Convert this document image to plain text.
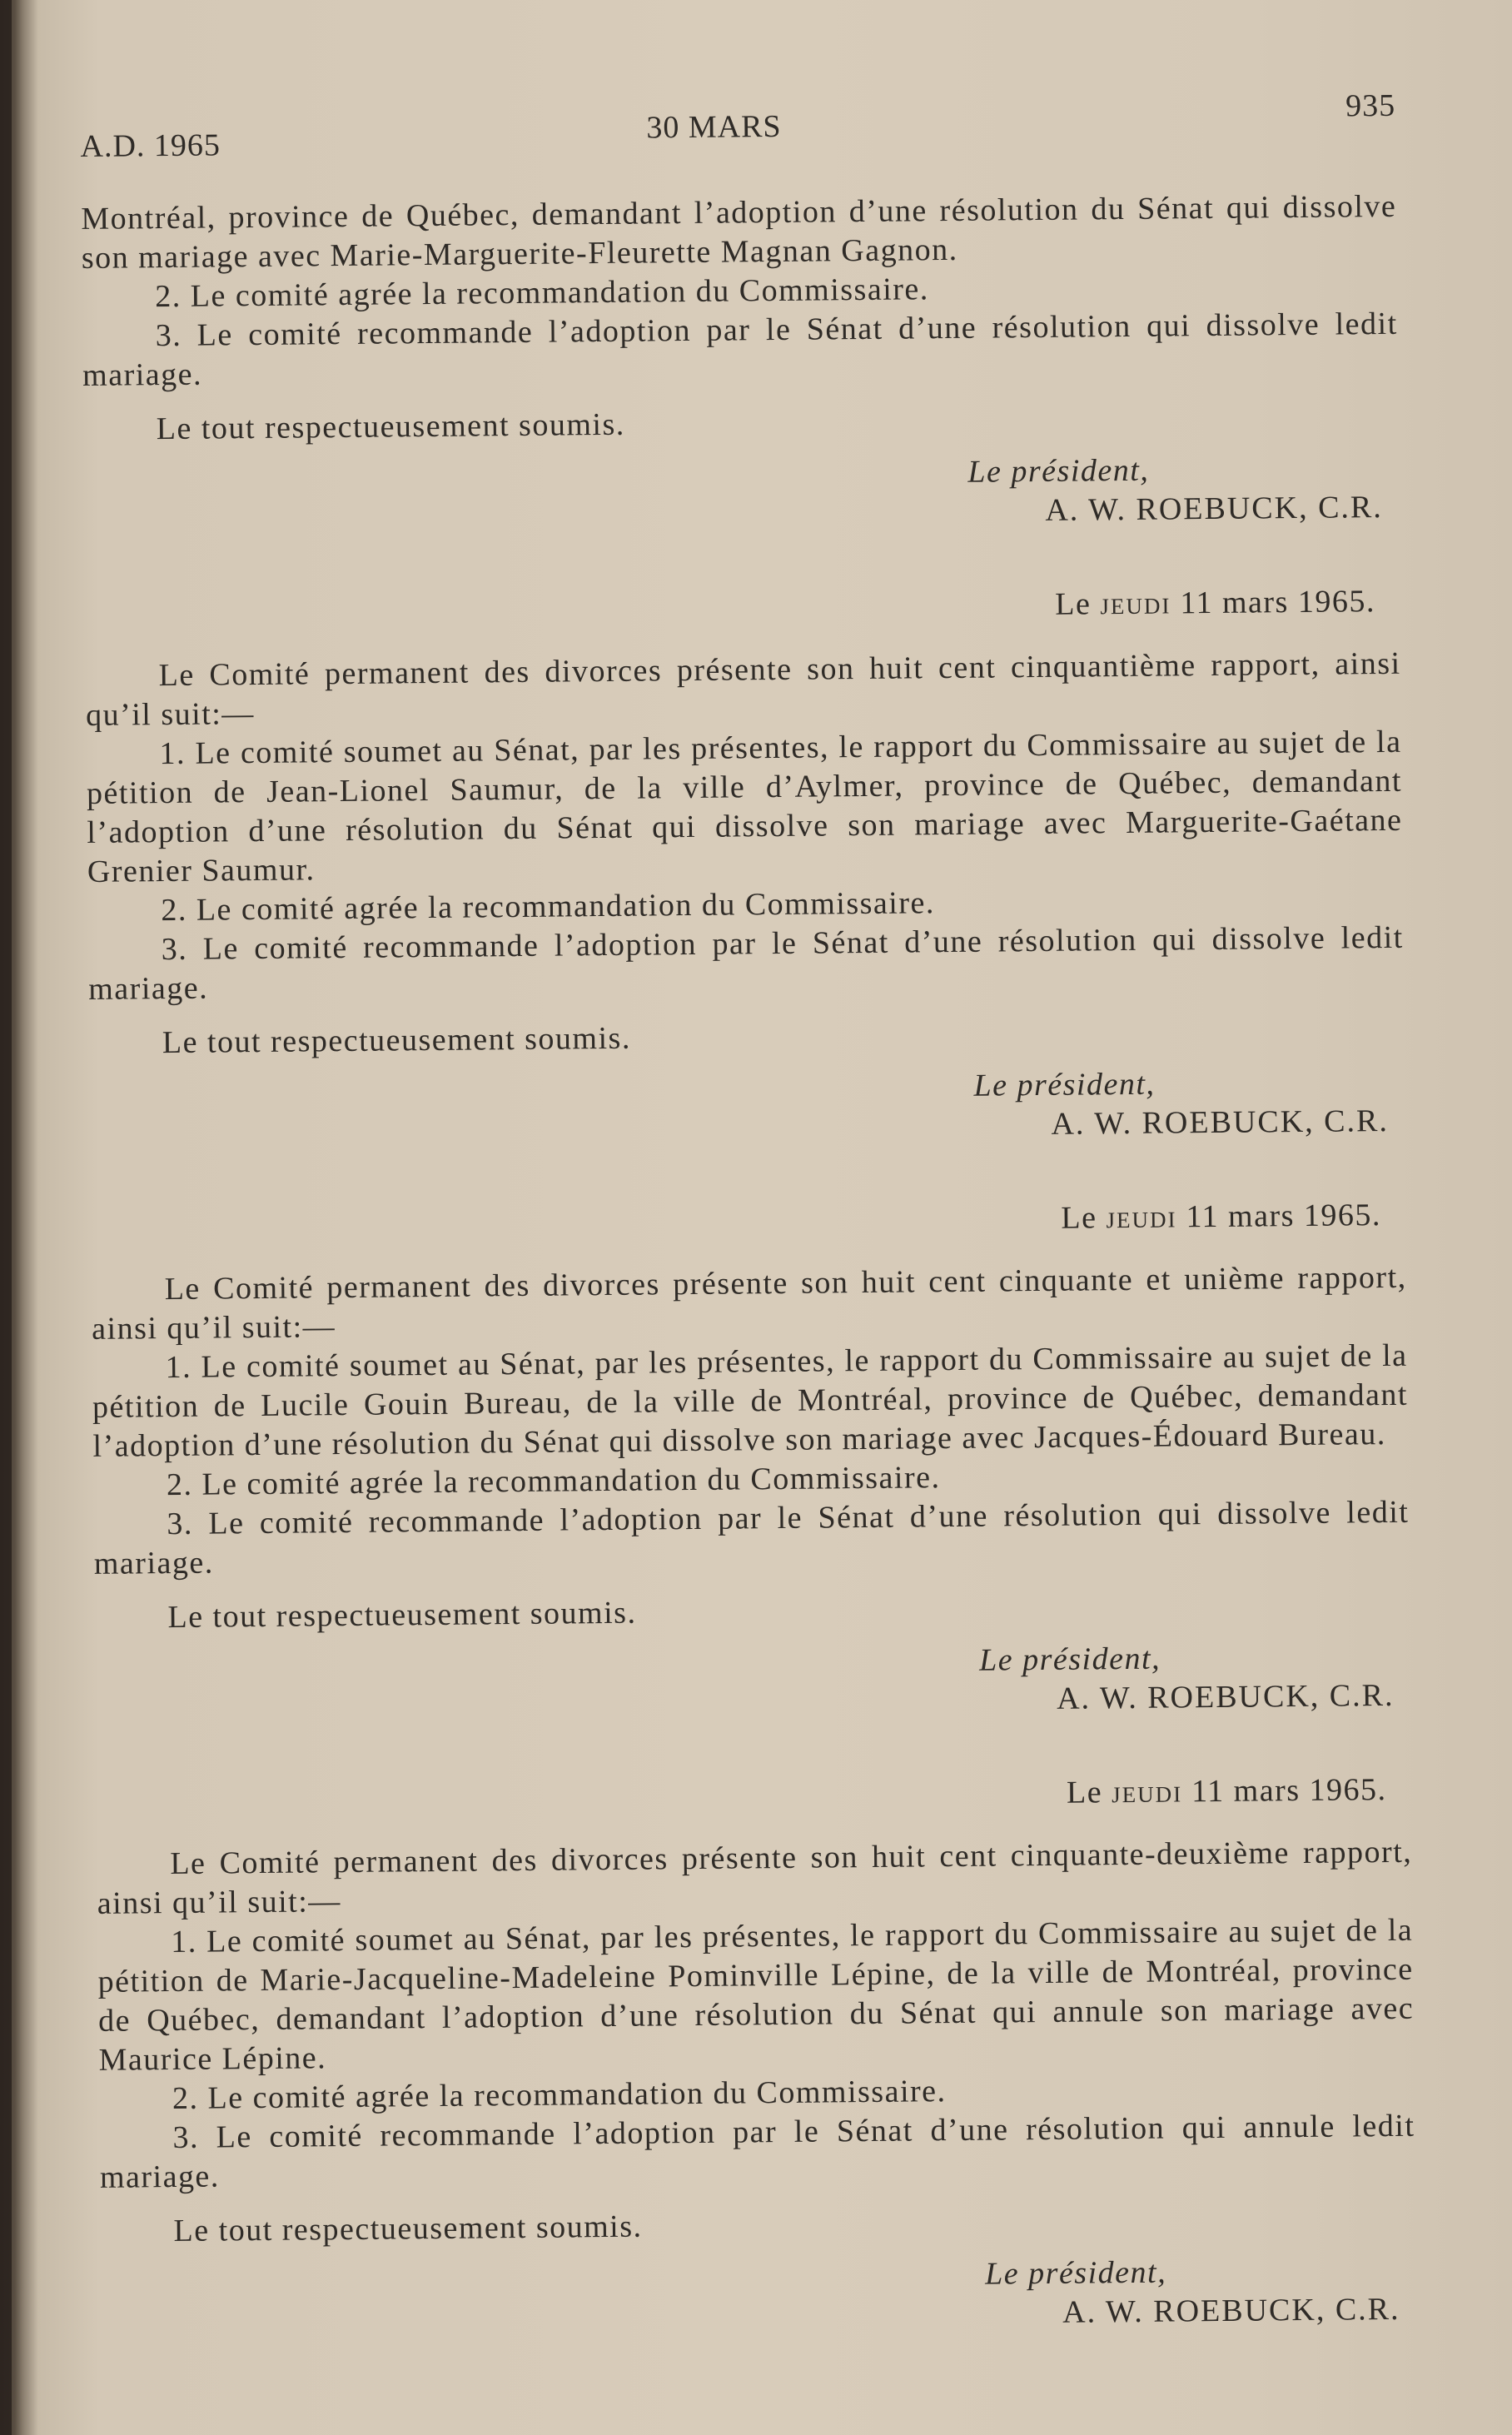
A.D. 1965
30 MARS
935

Montréal, province de Québec, demandant l’adoption d’une résolution du Sénat qui dissolve son mariage avec Marie-Marguerite-Fleurette Magnan Gagnon.

2. Le comité agrée la recommandation du Commissaire.

3. Le comité recommande l’adoption par le Sénat d’une résolution qui dissolve ledit mariage.

Le tout respectueusement soumis.

Le président,
A. W. ROEBUCK, C.R.
Le jeudi 11 mars 1965.

Le Comité permanent des divorces présente son huit cent cinquantième rapport, ainsi qu’il suit:—

1. Le comité soumet au Sénat, par les présentes, le rapport du Commissaire au sujet de la pétition de Jean-Lionel Saumur, de la ville d’Aylmer, province de Québec, demandant l’adoption d’une résolution du Sénat qui dissolve son mariage avec Marguerite-Gaétane Grenier Saumur.

2. Le comité agrée la recommandation du Commissaire.

3. Le comité recommande l’adoption par le Sénat d’une résolution qui dissolve ledit mariage.

Le tout respectueusement soumis.

Le président,
A. W. ROEBUCK, C.R.
Le jeudi 11 mars 1965.

Le Comité permanent des divorces présente son huit cent cinquante et unième rapport, ainsi qu’il suit:—

1. Le comité soumet au Sénat, par les présentes, le rapport du Commissaire au sujet de la pétition de Lucile Gouin Bureau, de la ville de Montréal, province de Québec, demandant l’adoption d’une résolution du Sénat qui dissolve son mariage avec Jacques-Édouard Bureau.

2. Le comité agrée la recommandation du Commissaire.

3. Le comité recommande l’adoption par le Sénat d’une résolution qui dissolve ledit mariage.

Le tout respectueusement soumis.

Le président,
A. W. ROEBUCK, C.R.
Le jeudi 11 mars 1965.

Le Comité permanent des divorces présente son huit cent cinquante-deuxième rapport, ainsi qu’il suit:—

1. Le comité soumet au Sénat, par les présentes, le rapport du Commissaire au sujet de la pétition de Marie-Jacqueline-Madeleine Pominville Lépine, de la ville de Montréal, province de Québec, demandant l’adoption d’une résolution du Sénat qui annule son mariage avec Maurice Lépine.

2. Le comité agrée la recommandation du Commissaire.

3. Le comité recommande l’adoption par le Sénat d’une résolution qui annule ledit mariage.

Le tout respectueusement soumis.

Le président,
A. W. ROEBUCK, C.R.
